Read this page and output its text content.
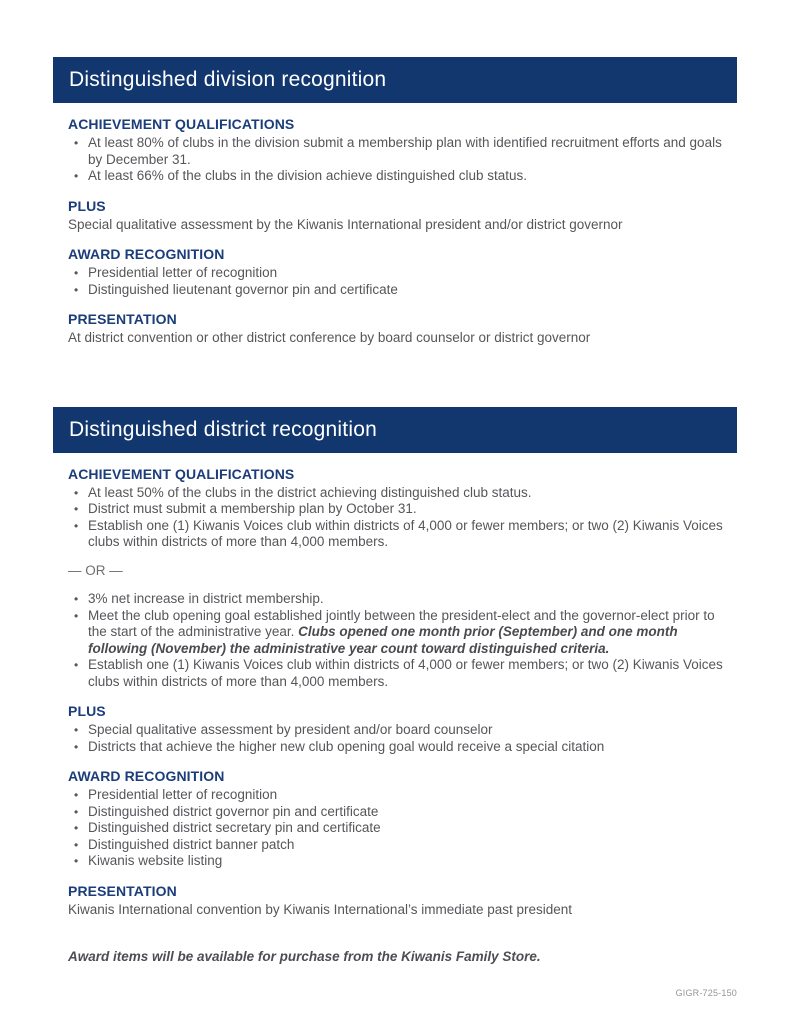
Distinguished division recognition
ACHIEVEMENT QUALIFICATIONS
• At least 80% of clubs in the division submit a membership plan with identified recruitment efforts and goals by December 31.
• At least 66% of the clubs in the division achieve distinguished club status.
PLUS

Special qualitative assessment by the Kiwanis International president and/or district governor

AWARD RECOGNITION
• Presidential letter of recognition
• Distinguished lieutenant governor pin and certificate
PRESENTATION

At district convention or other district conference by board counselor or district governor

Distinguished district recognition
ACHIEVEMENT QUALIFICATIONS
• At least 50% of the clubs in the district achieving distinguished club status.
• District must submit a membership plan by October 31.
• Establish one (1) Kiwanis Voices club within districts of 4,000 or fewer members; or two (2) Kiwanis Voices clubs within districts of more than 4,000 members.

— OR —

• 3% net increase in district membership.
• Meet the club opening goal established jointly between the president-elect and the governor-elect prior to the start of the administrative year. Clubs opened one month prior (September) and one month following (November) the administrative year count toward distinguished criteria.
• Establish one (1) Kiwanis Voices club within districts of 4,000 or fewer members; or two (2) Kiwanis Voices clubs within districts of more than 4,000 members.
PLUS
• Special qualitative assessment by president and/or board counselor
• Districts that achieve the higher new club opening goal would receive a special citation
AWARD RECOGNITION
• Presidential letter of recognition
• Distinguished district governor pin and certificate
• Distinguished district secretary pin and certificate
• Distinguished district banner patch
• Kiwanis website listing
PRESENTATION

Kiwanis International convention by Kiwanis International’s immediate past president

Award items will be available for purchase from the Kiwanis Family Store.

GIGR-725-150
